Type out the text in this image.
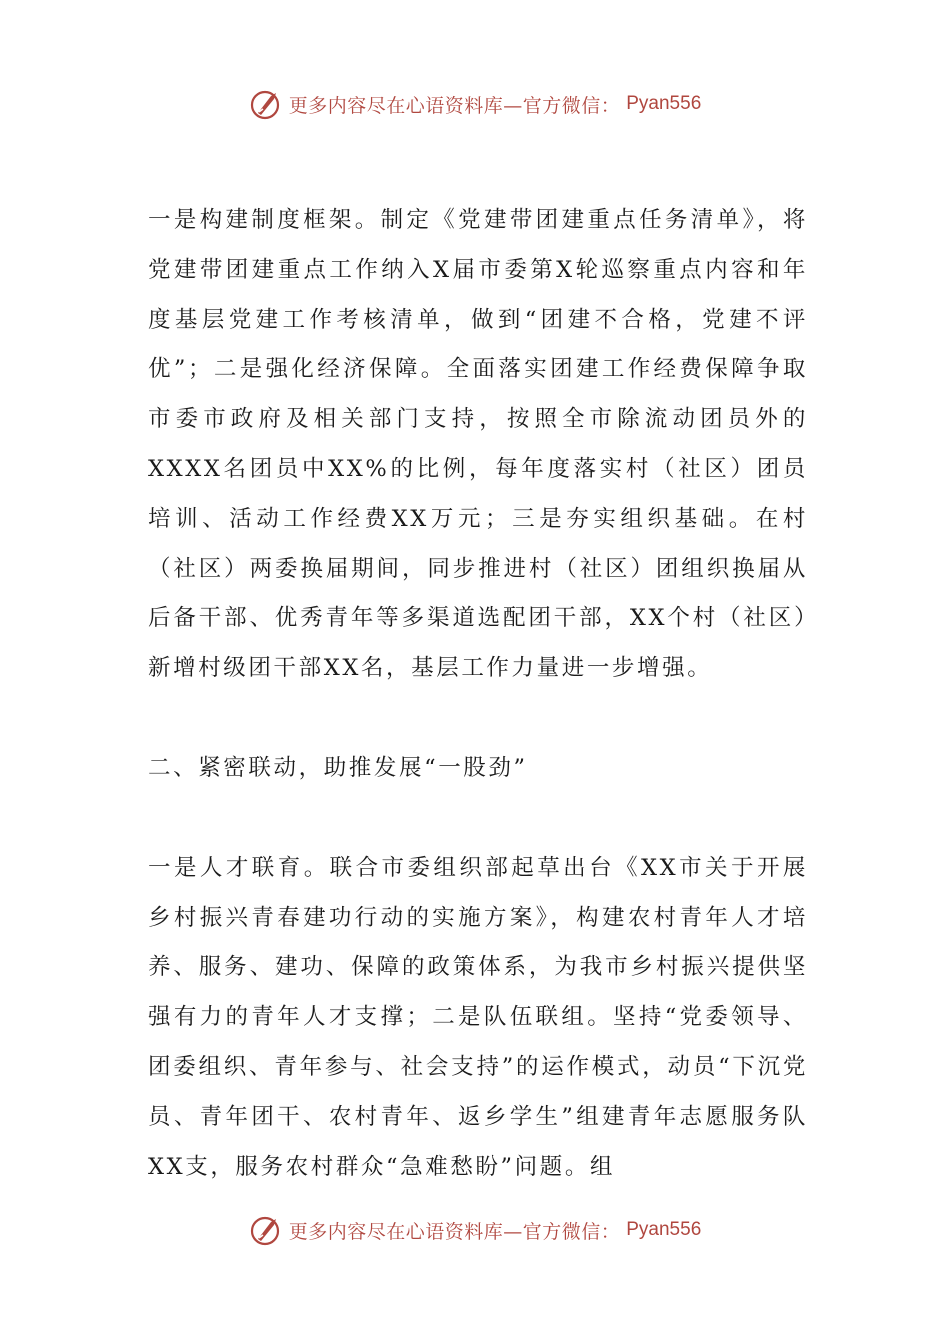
更多内容尽在心语资料库—官方微信： Pyan556

一是构建制度框架。制定《党建带团建重点任务清单》，将党建带团建重点工作纳入X届市委第X轮巡察重点内容和年度基层党建工作考核清单，做到“团建不合格，党建不评优”；二是强化经济保障。全面落实团建工作经费保障争取市委市政府及相关部门支持，按照全市除流动团员外的XXXX名团员中XX%的比例，每年度落实村（社区）团员培训、活动工作经费XX万元；三是夯实组织基础。在村（社区）两委换届期间，同步推进村（社区）团组织换届从后备干部、优秀青年等多渠道选配团干部，XX个村（社区）新增村级团干部XX名，基层工作力量进一步增强。

二、紧密联动，助推发展“一股劲”

一是人才联育。联合市委组织部起草出台《XX市关于开展乡村振兴青春建功行动的实施方案》，构建农村青年人才培养、服务、建功、保障的政策体系，为我市乡村振兴提供坚强有力的青年人才支撑；二是队伍联组。坚持“党委领导、团委组织、青年参与、社会支持”的运作模式，动员“下沉党员、青年团干、农村青年、返乡学生”组建青年志愿服务队XX支，服务农村群众“急难愁盼”问题。组

更多内容尽在心语资料库—官方微信： Pyan556
